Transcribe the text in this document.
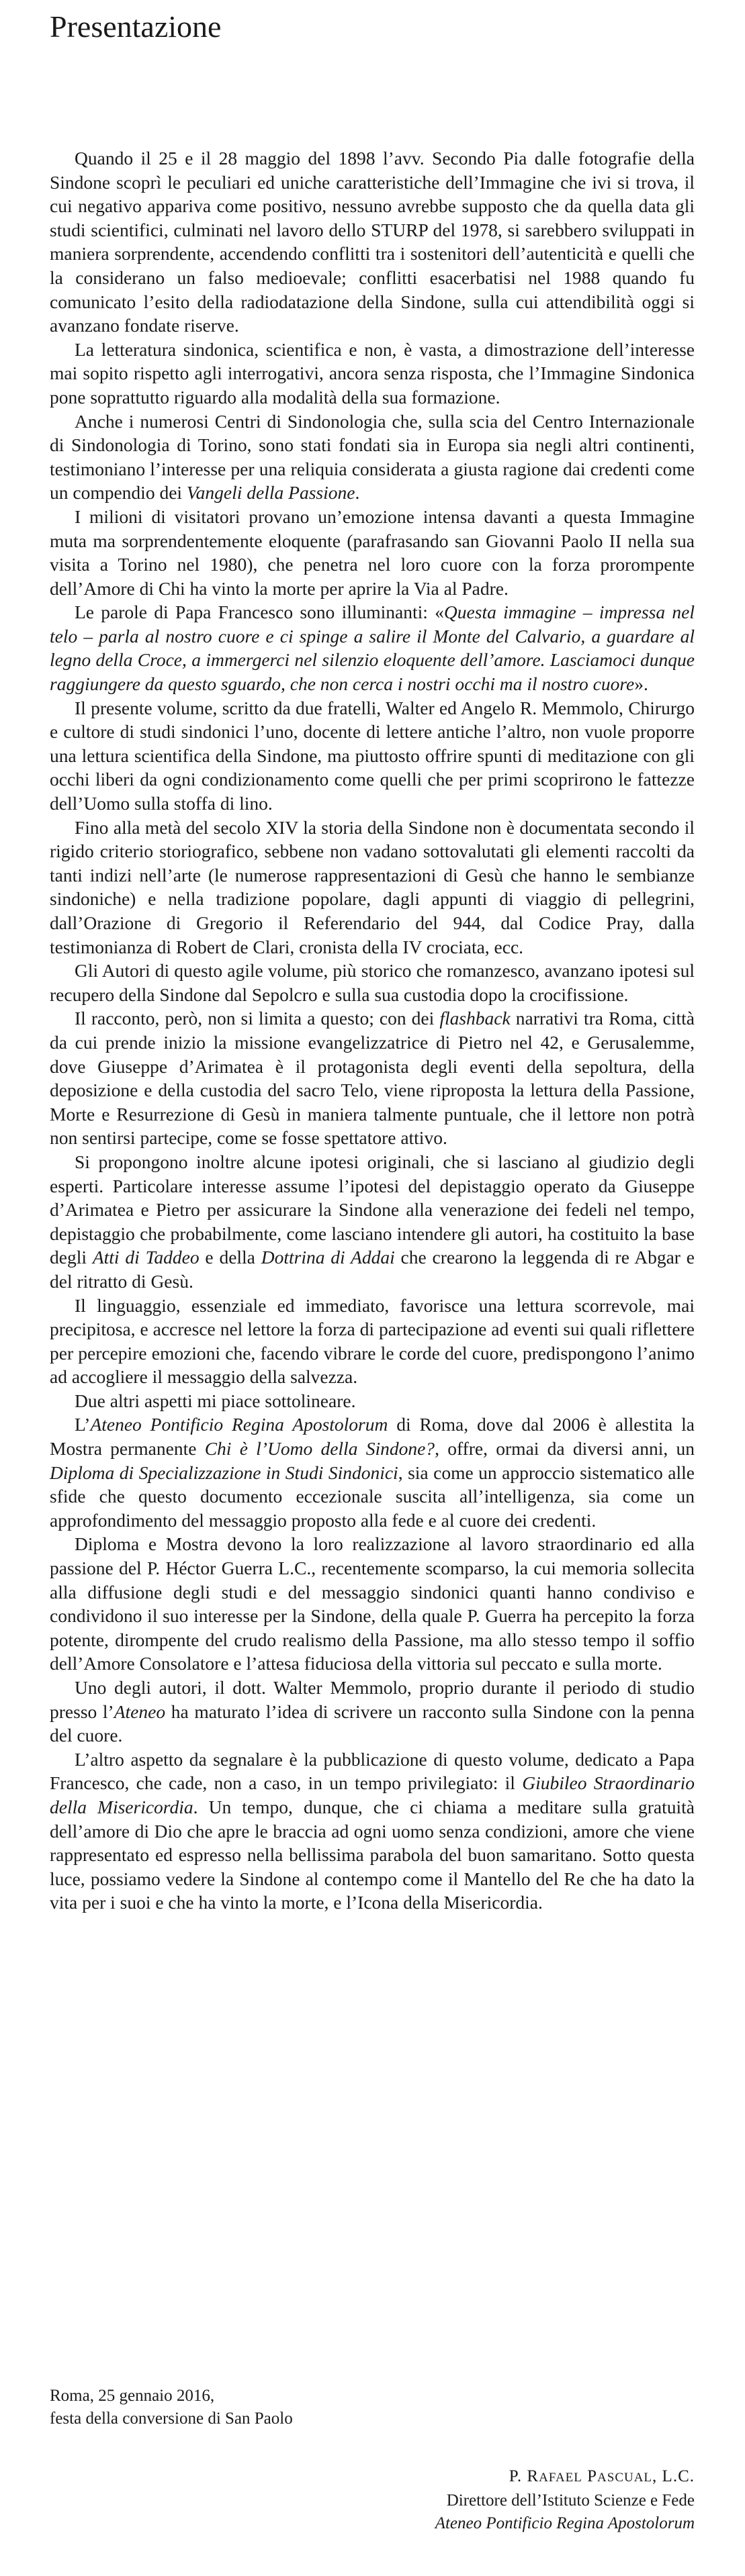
Presentazione

Quando il 25 e il 28 maggio del 1898 l’avv. Secondo Pia dalle fotografie della Sindone scoprì le peculiari ed uniche caratteristiche dell’Immagine che ivi si trova, il cui negativo appariva come positivo, nessuno avrebbe supposto che da quella data gli studi scientifici, culminati nel lavoro dello STURP del 1978, si sarebbero sviluppati in maniera sorprendente, accendendo conflitti tra i sostenitori dell’autenticità e quelli che la considerano un falso medioevale; conflitti esacerbatisi nel 1988 quando fu comunicato l’esito della radiodatazione della Sindone, sulla cui attendibilità oggi si avanzano fondate riserve.

La letteratura sindonica, scientifica e non, è vasta, a dimostrazione dell’interesse mai sopito rispetto agli interrogativi, ancora senza risposta, che l’Immagine Sindonica pone soprattutto riguardo alla modalità della sua formazione.

Anche i numerosi Centri di Sindonologia che, sulla scia del Centro Internazionale di Sindonologia di Torino, sono stati fondati sia in Europa sia negli altri continenti, testimoniano l’interesse per una reliquia considerata a giusta ragione dai credenti come un compendio dei Vangeli della Passione.

I milioni di visitatori provano un’emozione intensa davanti a questa Immagine muta ma sorprendentemente eloquente (parafrasando san Giovanni Paolo II nella sua visita a Torino nel 1980), che penetra nel loro cuore con la forza prorompente dell’Amore di Chi ha vinto la morte per aprire la Via al Padre.

Le parole di Papa Francesco sono illuminanti: «Questa immagine – impressa nel telo – parla al nostro cuore e ci spinge a salire il Monte del Calvario, a guardare al legno della Croce, a immergerci nel silenzio eloquente dell’amore. Lasciamoci dunque raggiungere da questo sguardo, che non cerca i nostri occhi ma il nostro cuore».

Il presente volume, scritto da due fratelli, Walter ed Angelo R. Memmolo, Chirurgo e cultore di studi sindonici l’uno, docente di lettere antiche l’altro, non vuole proporre una lettura scientifica della Sindone, ma piuttosto offrire spunti di meditazione con gli occhi liberi da ogni condizionamento come quelli che per primi scoprirono le fattezze dell’Uomo sulla stoffa di lino.

Fino alla metà del secolo XIV la storia della Sindone non è documentata secondo il rigido criterio storiografico, sebbene non vadano sottovalutati gli elementi raccolti da tanti indizi nell’arte (le numerose rappresentazioni di Gesù che hanno le sembianze sindoniche) e nella tradizione popolare, dagli appunti di viaggio di pellegrini, dall’Orazione di Gregorio il Referendario del 944, dal Codice Pray, dalla testimonianza di Robert de Clari, cronista della IV crociata, ecc.

Gli Autori di questo agile volume, più storico che romanzesco, avanzano ipotesi sul recupero della Sindone dal Sepolcro e sulla sua custodia dopo la crocifissione.

Il racconto, però, non si limita a questo; con dei flashback narrativi tra Roma, città da cui prende inizio la missione evangelizzatrice di Pietro nel 42, e Gerusalemme, dove Giuseppe d’Arimatea è il protagonista degli eventi della sepoltura, della deposizione e della custodia del sacro Telo, viene riproposta la lettura della Passione, Morte e Resurrezione di Gesù in maniera talmente puntuale, che il lettore non potrà non sentirsi partecipe, come se fosse spettatore attivo.

Si propongono inoltre alcune ipotesi originali, che si lasciano al giudizio degli esperti. Particolare interesse assume l’ipotesi del depistaggio operato da Giuseppe d’Arimatea e Pietro per assicurare la Sindone alla venerazione dei fedeli nel tempo, depistaggio che probabilmente, come lasciano intendere gli autori, ha costituito la base degli Atti di Taddeo e della Dottrina di Addai che crearono la leggenda di re Abgar e del ritratto di Gesù.

Il linguaggio, essenziale ed immediato, favorisce una lettura scorrevole, mai precipitosa, e accresce nel lettore la forza di partecipazione ad eventi sui quali riflettere per percepire emozioni che, facendo vibrare le corde del cuore, predispongono l’animo ad accogliere il messaggio della salvezza.

Due altri aspetti mi piace sottolineare.

L’Ateneo Pontificio Regina Apostolorum di Roma, dove dal 2006 è allestita la Mostra permanente Chi è l’Uomo della Sindone?, offre, ormai da diversi anni, un Diploma di Specializzazione in Studi Sindonici, sia come un approccio sistematico alle sfide che questo documento eccezionale suscita all’intelligenza, sia come un approfondimento del messaggio proposto alla fede e al cuore dei credenti.

Diploma e Mostra devono la loro realizzazione al lavoro straordinario ed alla passione del P. Héctor Guerra L.C., recentemente scomparso, la cui memoria sollecita alla diffusione degli studi e del messaggio sindonici quanti hanno condiviso e condividono il suo interesse per la Sindone, della quale P. Guerra ha percepito la forza potente, dirompente del crudo realismo della Passione, ma allo stesso tempo il soffio dell’Amore Consolatore e l’attesa fiduciosa della vittoria sul peccato e sulla morte.

Uno degli autori, il dott. Walter Memmolo, proprio durante il periodo di studio presso l’Ateneo ha maturato l’idea di scrivere un racconto sulla Sindone con la penna del cuore.

L’altro aspetto da segnalare è la pubblicazione di questo volume, dedicato a Papa Francesco, che cade, non a caso, in un tempo privilegiato: il Giubileo Straordinario della Misericordia. Un tempo, dunque, che ci chiama a meditare sulla gratuità dell’amore di Dio che apre le braccia ad ogni uomo senza condizioni, amore che viene rappresentato ed espresso nella bellissima parabola del buon samaritano. Sotto questa luce, possiamo vedere la Sindone al contempo come il Mantello del Re che ha dato la vita per i suoi e che ha vinto la morte, e l’Icona della Misericordia.

Roma, 25 gennaio 2016,
festa della conversione di San Paolo
P. RAFAEL PASCUAL, L.C.
Direttore dell’Istituto Scienze e Fede
Ateneo Pontificio Regina Apostolorum
